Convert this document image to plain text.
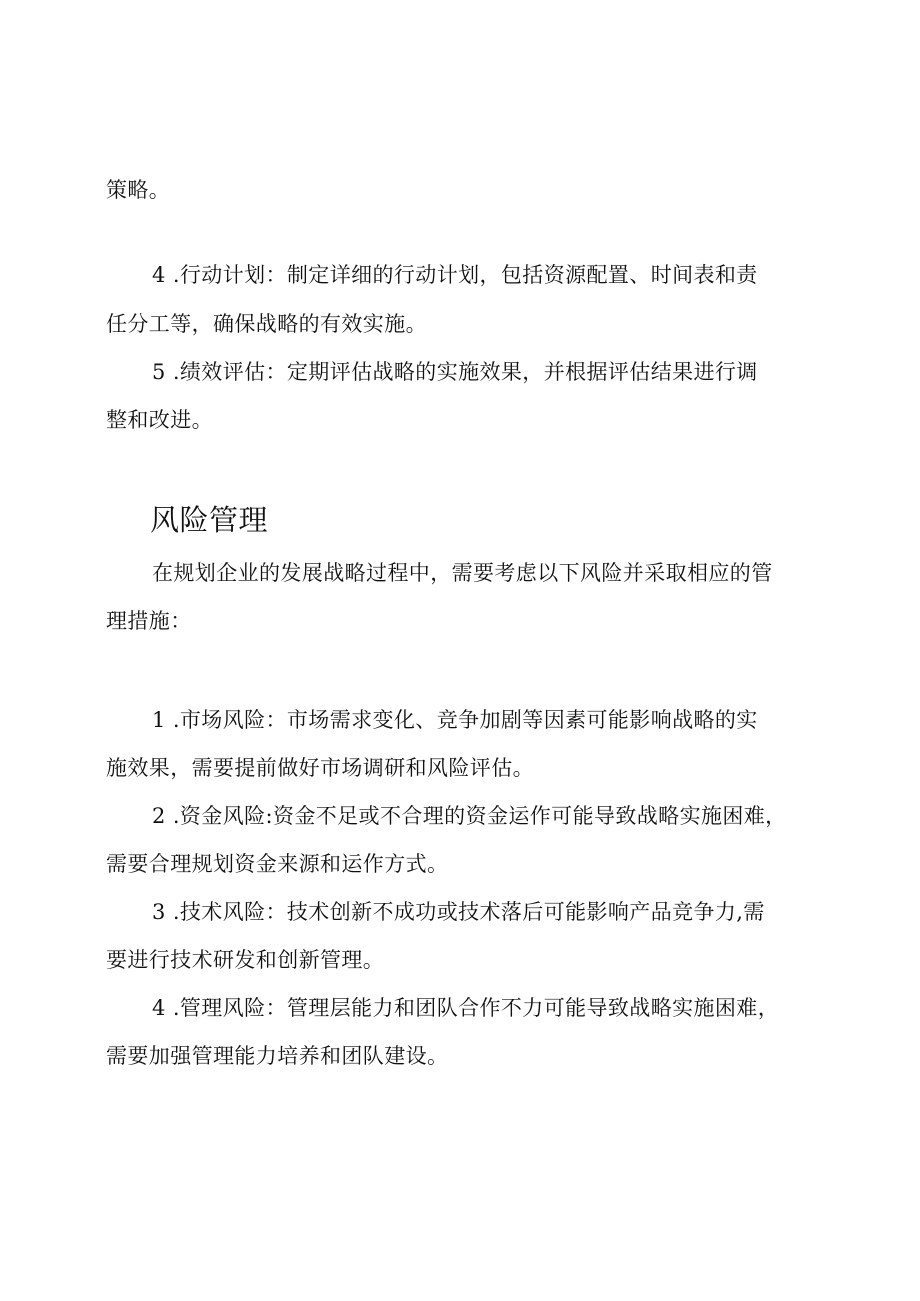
策略。

4 .行动计划：制定详细的行动计划，包括资源配置、时间表和责

任分工等，确保战略的有效实施。

5 .绩效评估：定期评估战略的实施效果，并根据评估结果进行调

整和改进。

风险管理

在规划企业的发展战略过程中，需要考虑以下风险并采取相应的管

理措施：

1 .市场风险：市场需求变化、竞争加剧等因素可能影响战略的实

施效果，需要提前做好市场调研和风险评估。

2 .资金风险:资金不足或不合理的资金运作可能导致战略实施困难，

需要合理规划资金来源和运作方式。

3 .技术风险：技术创新不成功或技术落后可能影响产品竞争力,需

要进行技术研发和创新管理。

4 .管理风险：管理层能力和团队合作不力可能导致战略实施困难，

需要加强管理能力培养和团队建设。
